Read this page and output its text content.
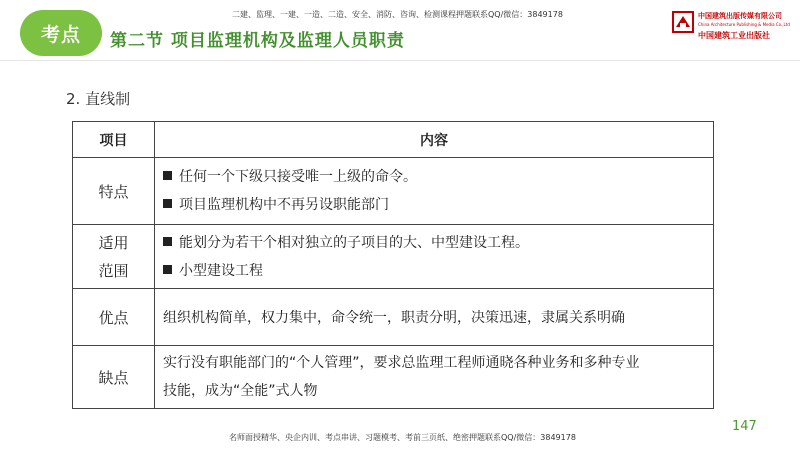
考点	第二节 项目监理机构及监理人员职责
二建、监理、一建、一造、二造、安全、消防、咨询、检测课程押题联系QQ/微信：3849178	中国建筑出版传媒有限公司
China Architecture Publishing & Media Co.,Ltd
中国建筑工业出版社
2. 直线制
项目	内容
特点	任何一个下级只接受唯一上级的命令。
项目监理机构中不再另设职能部门

适用
范围	能划分为若干个相对独立的子项目的大、中型建设工程。
小型建设工程

优点	组织机构简单，权力集中，命令统一，职责分明，决策迅速，隶属关系明确
缺点	实行没有职能部门的“个人管理”，要求总监理工程师通晓各种业务和多种专业
技能，成为“全能”式人物
147
名师面授精华、央企内训、考点串讲、习题模考、考前三页纸、绝密押题联系QQ/微信：3849178
